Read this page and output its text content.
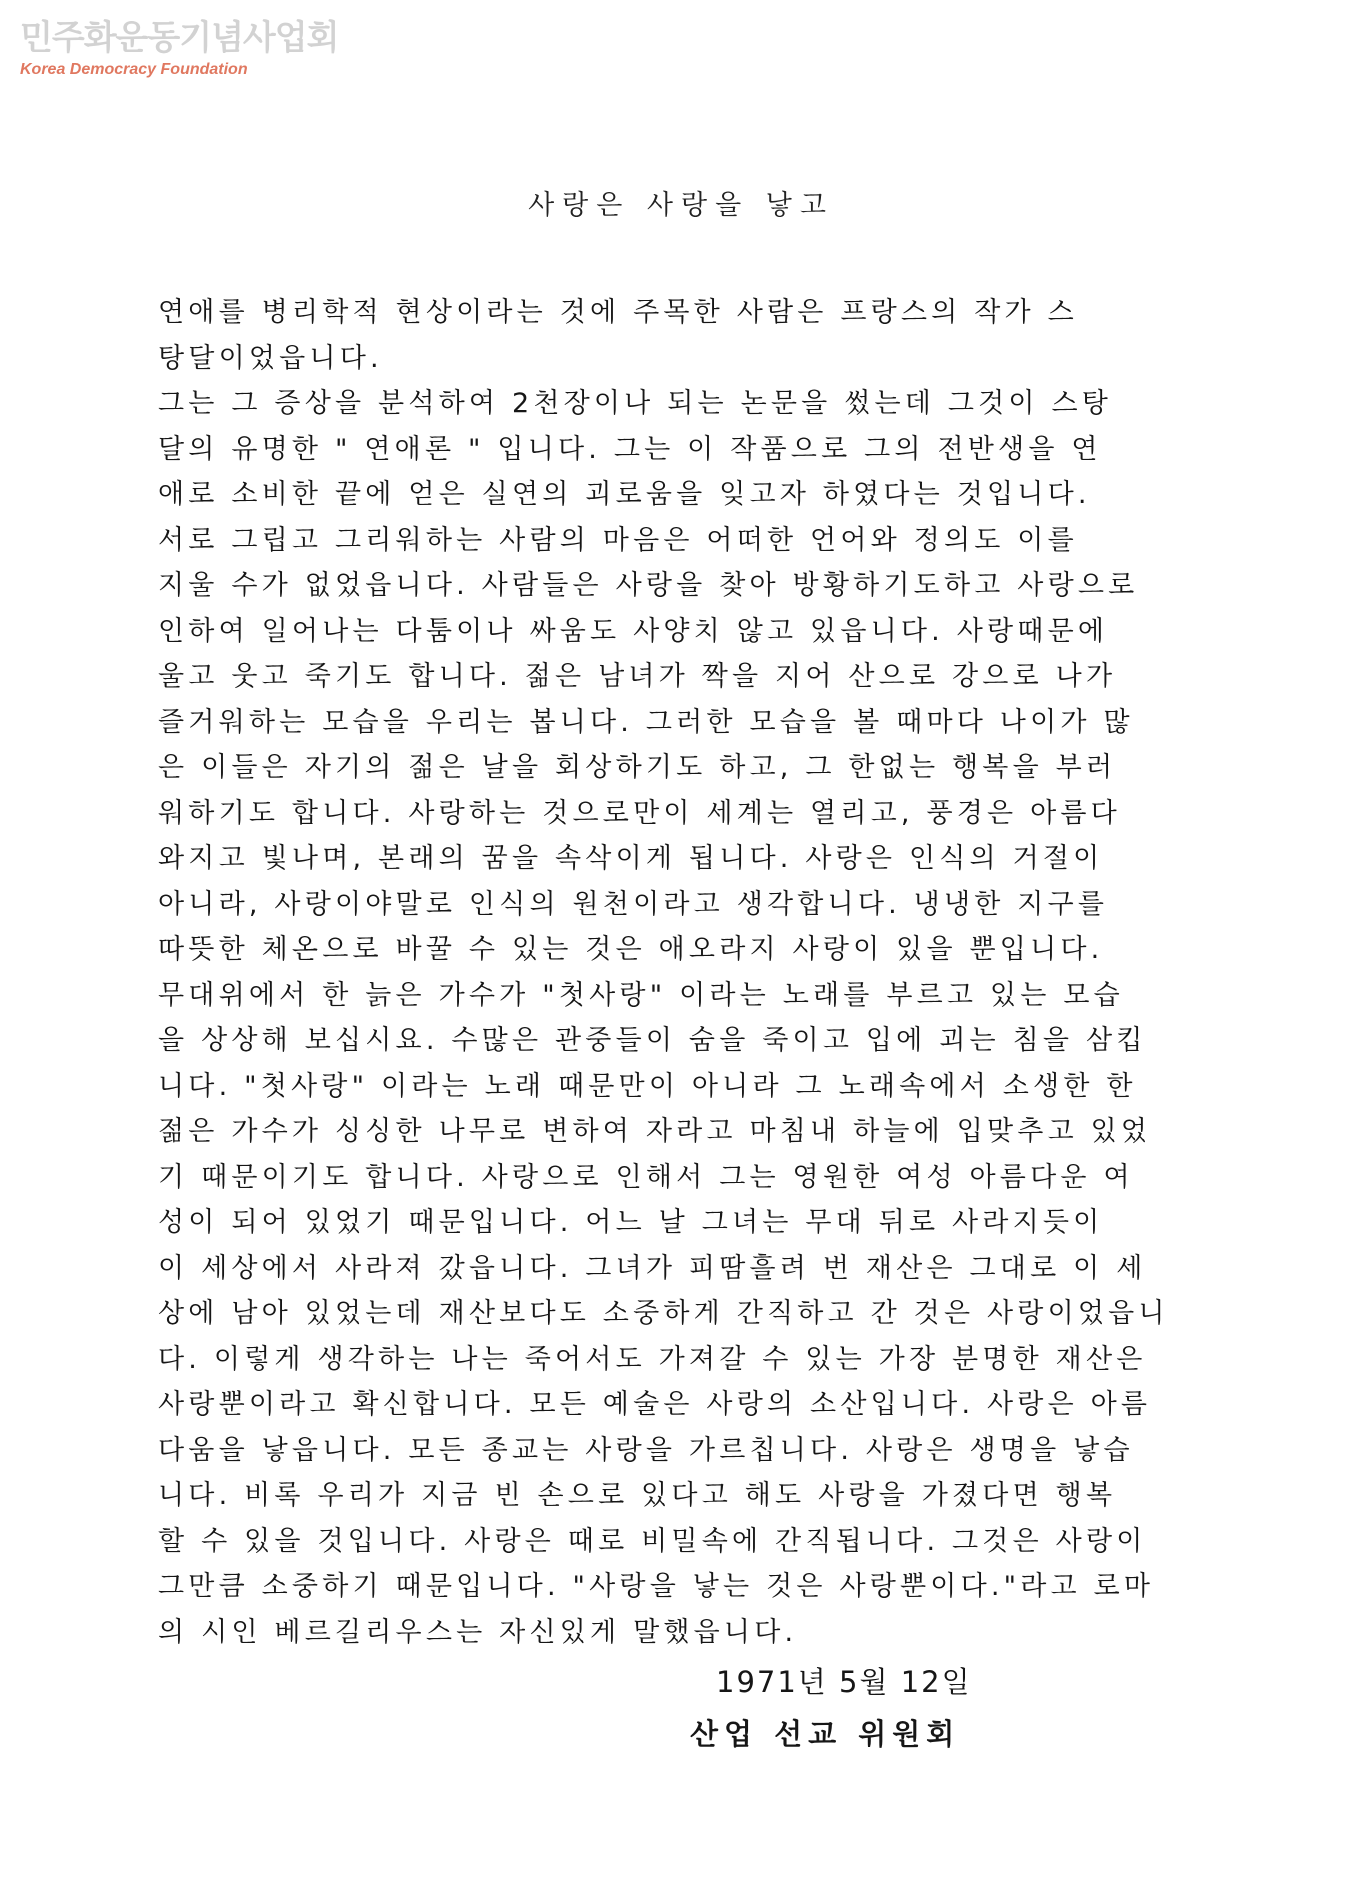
민주화운동기념사업회
Korea Democracy Foundation
사랑은 사랑을 낳고
연애를 병리학적 현상이라는 것에 주목한 사람은 프랑스의 작가 스
탕달이었읍니다.
그는 그 증상을 분석하여 2천장이나 되는 논문을 썼는데 그것이 스탕
달의 유명한 " 연애론 " 입니다. 그는 이 작품으로 그의 전반생을 연
애로 소비한 끝에 얻은 실연의 괴로움을 잊고자 하였다는 것입니다.
서로 그립고 그리워하는 사람의 마음은 어떠한 언어와 정의도 이를
지울 수가 없었읍니다. 사람들은 사랑을 찾아 방황하기도하고 사랑으로
인하여 일어나는 다툼이나 싸움도 사양치 않고 있읍니다. 사랑때문에
울고 웃고 죽기도 합니다. 젊은 남녀가 짝을 지어 산으로 강으로 나가
즐거워하는 모습을 우리는 봅니다. 그러한 모습을 볼 때마다 나이가 많
은 이들은 자기의 젊은 날을 회상하기도 하고, 그 한없는 행복을 부러
워하기도 합니다. 사랑하는 것으로만이 세계는 열리고, 풍경은 아름다
와지고 빛나며, 본래의 꿈을 속삭이게 됩니다. 사랑은 인식의 거절이
아니라, 사랑이야말로 인식의 원천이라고 생각합니다. 냉냉한 지구를
따뜻한 체온으로 바꿀 수 있는 것은 애오라지 사랑이 있을 뿐입니다.
무대위에서 한 늙은 가수가 "첫사랑" 이라는 노래를 부르고 있는 모습
을 상상해 보십시요. 수많은 관중들이 숨을 죽이고 입에 괴는 침을 삼킵
니다. "첫사랑" 이라는 노래 때문만이 아니라 그 노래속에서 소생한 한
젊은 가수가 싱싱한 나무로 변하여 자라고 마침내 하늘에 입맞추고 있었
기 때문이기도 합니다. 사랑으로 인해서 그는 영원한 여성 아름다운 여
성이 되어 있었기 때문입니다. 어느 날 그녀는 무대 뒤로 사라지듯이
이 세상에서 사라져 갔읍니다. 그녀가 피땀흘려 번 재산은 그대로 이 세
상에 남아 있었는데 재산보다도 소중하게 간직하고 간 것은 사랑이었읍니
다. 이렇게 생각하는 나는 죽어서도 가져갈 수 있는 가장 분명한 재산은
사랑뿐이라고 확신합니다. 모든 예술은 사랑의 소산입니다. 사랑은 아름
다움을 낳읍니다. 모든 종교는 사랑을 가르칩니다. 사랑은 생명을 낳습
니다. 비록 우리가 지금 빈 손으로 있다고 해도 사랑을 가졌다면 행복
할 수 있을 것입니다. 사랑은 때로 비밀속에 간직됩니다. 그것은 사랑이
그만큼 소중하기 때문입니다. "사랑을 낳는 것은 사랑뿐이다."라고 로마
의 시인 베르길리우스는 자신있게 말했읍니다.
1971년 5월 12일
산업 선교 위원회
